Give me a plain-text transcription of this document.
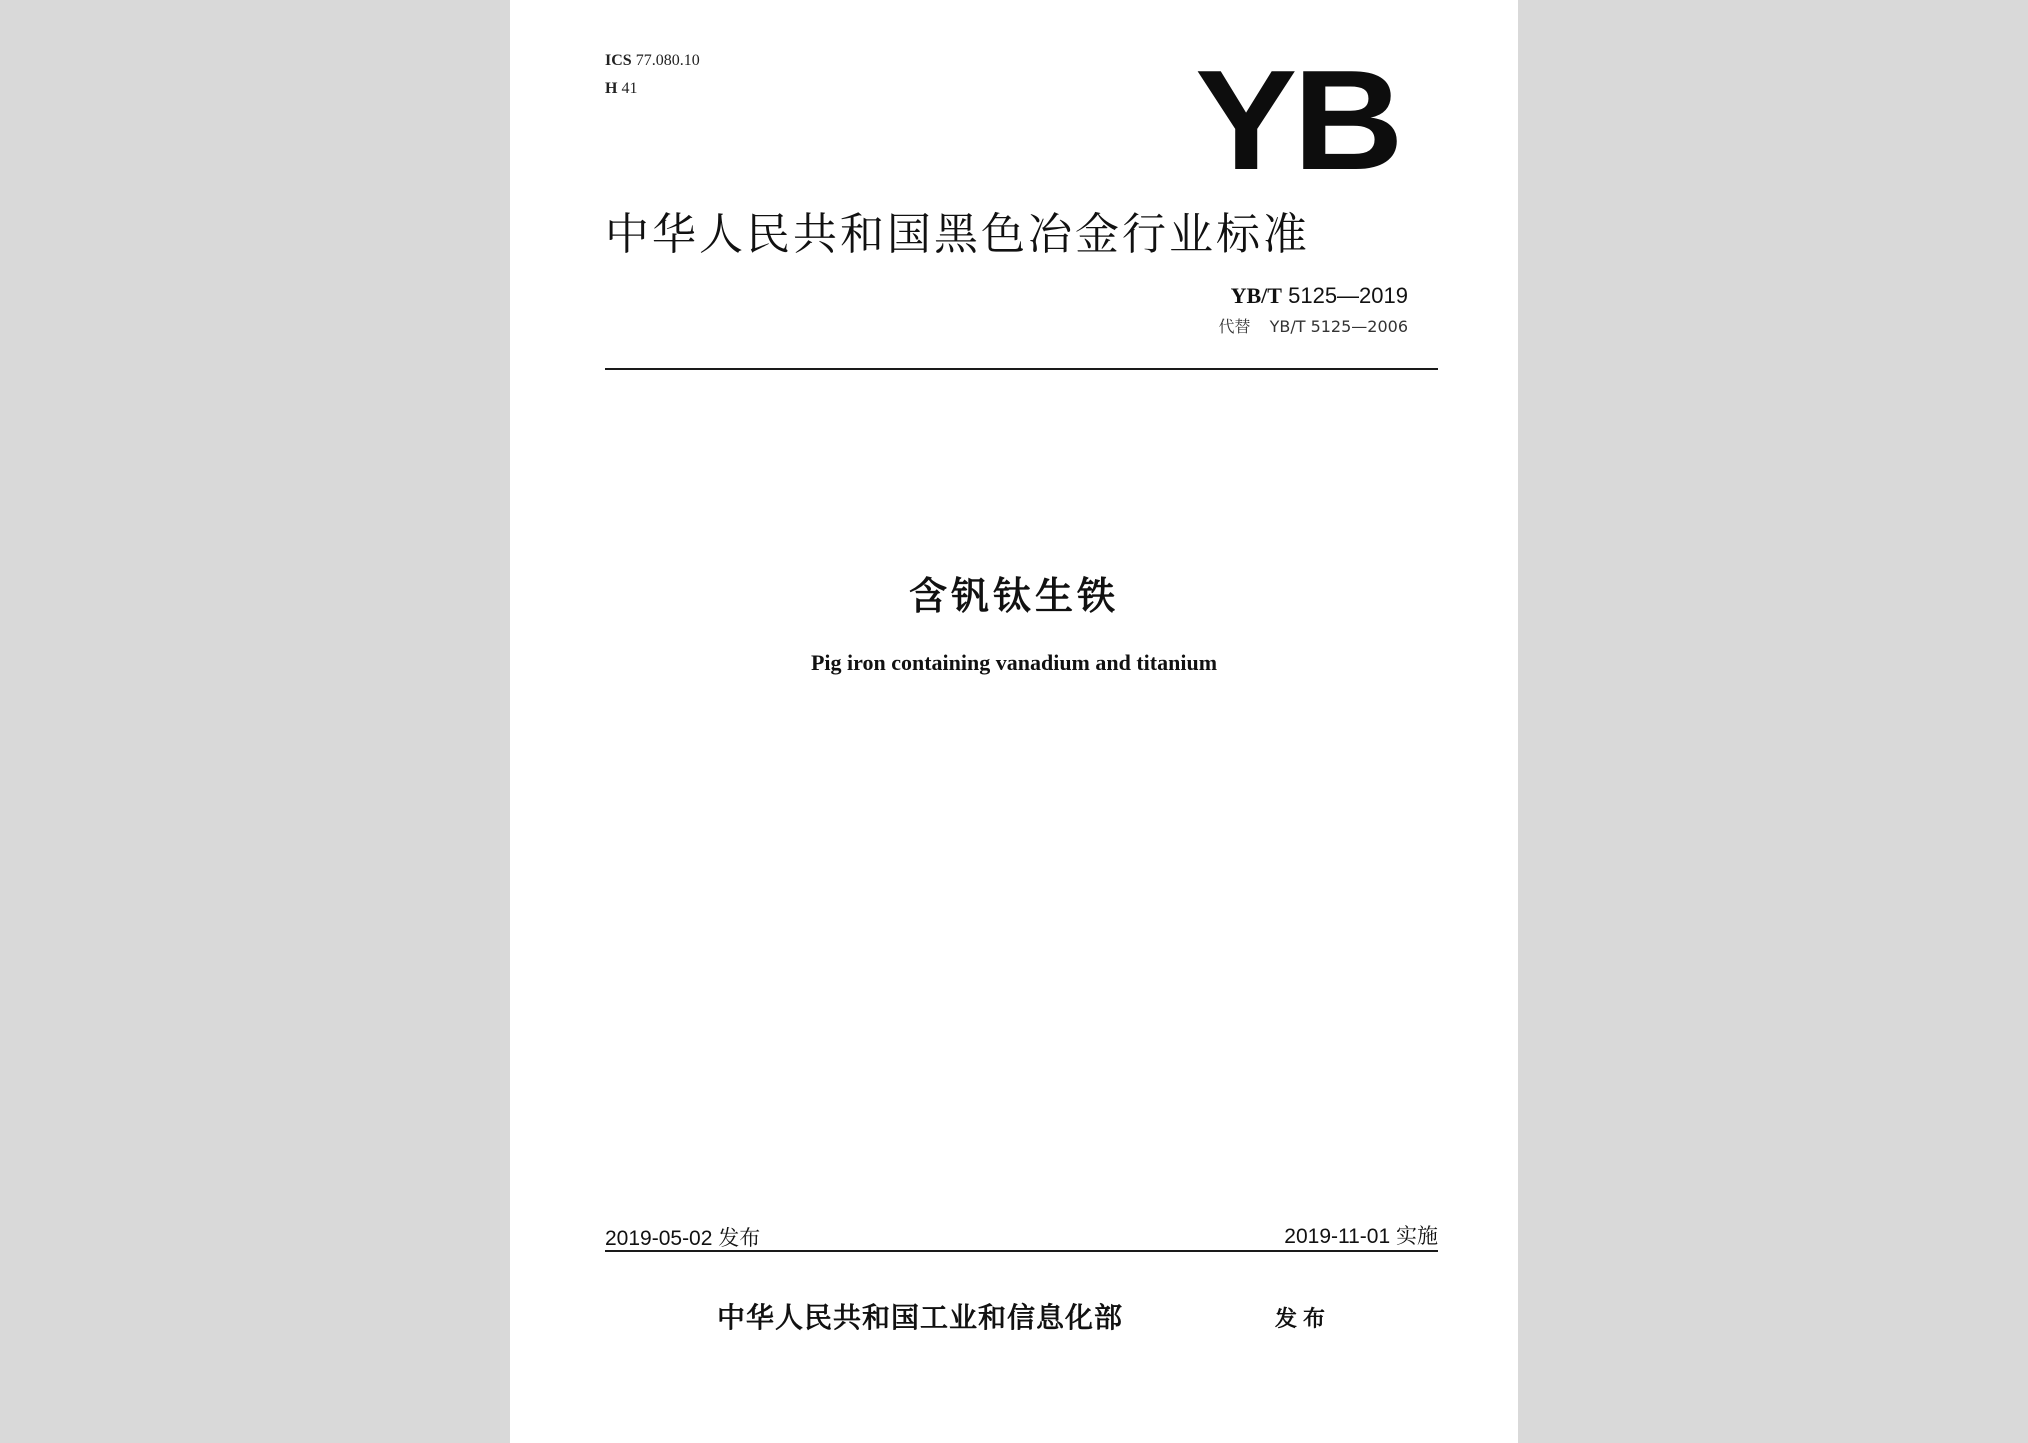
ICS 77.080.10
H 41	YB
中华人民共和国黑色冶金行业标准
YB/T 5125—2019
代替 YB/T 5125—2006
含钒钛生铁
Pig iron containing vanadium and titanium
2019-05-02 发布	2019-11-01 实施
中华人民共和国工业和信息化部	发布
